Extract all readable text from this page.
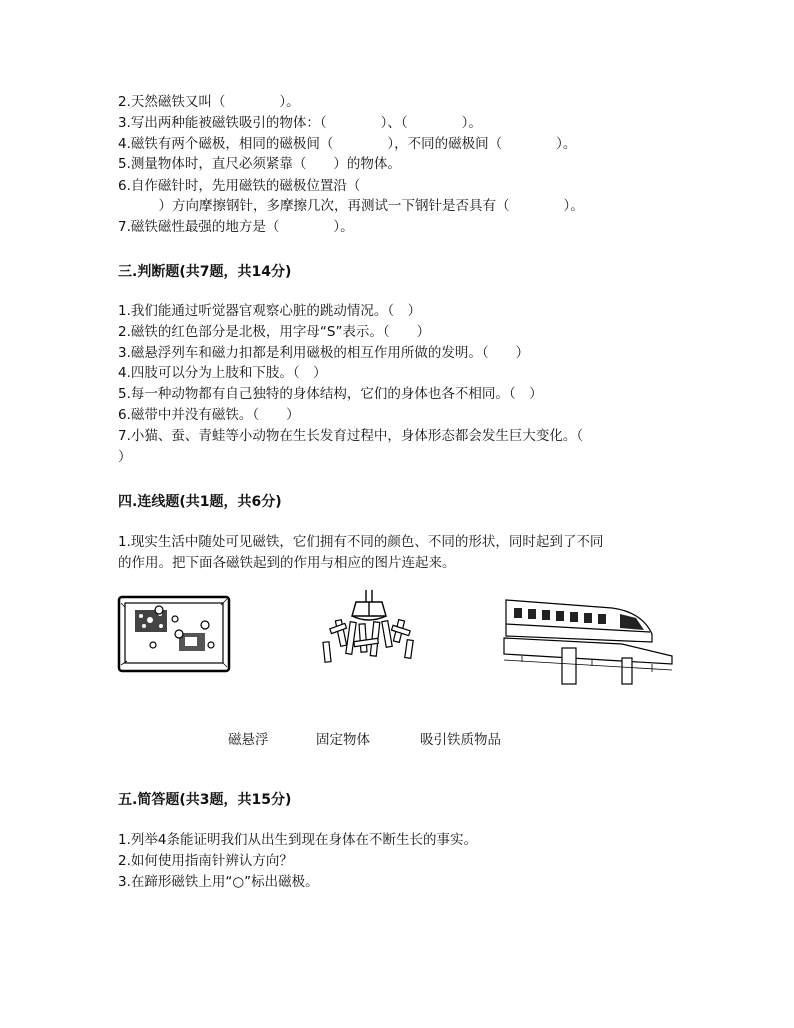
2.天然磁铁又叫（　　　　）。
3.写出两种能被磁铁吸引的物体：（　　　　）、（　　　　）。
4.磁铁有两个磁极，相同的磁极间（　　　　），不同的磁极间（　　　　）。
5.测量物体时，直尺必须紧靠（　　）的物体。
6.自作磁针时，先用磁铁的磁极位置沿（
　　　）方向摩擦钢针，多摩擦几次，再测试一下钢针是否具有（　　　　）。
7.磁铁磁性最强的地方是（　　　　）。
三.判断题(共7题，共14分)
1.我们能通过听觉器官观察心脏的跳动情况。（　）
2.磁铁的红色部分是北极，用字母“S”表示。（　　）
3.磁悬浮列车和磁力扣都是利用磁极的相互作用所做的发明。（　　）
4.四肢可以分为上肢和下肢。（　）
5.每一种动物都有自己独特的身体结构，它们的身体也各不相同。（　）
6.磁带中并没有磁铁。（　　）
7.小猫、蚕、青蛙等小动物在生长发育过程中，身体形态都会发生巨大变化。（
）
四.连线题(共1题，共6分)
1.现实生活中随处可见磁铁，它们拥有不同的颜色、不同的形状，同时起到了不同
的作用。把下面各磁铁起到的作用与相应的图片连起来。
磁悬浮	固定物体	吸引铁质物品
五.简答题(共3题，共15分)
1.列举4条能证明我们从出生到现在身体在不断生长的事实。
2.如何使用指南针辨认方向？
3.在蹄形磁铁上用“○”标出磁极。
